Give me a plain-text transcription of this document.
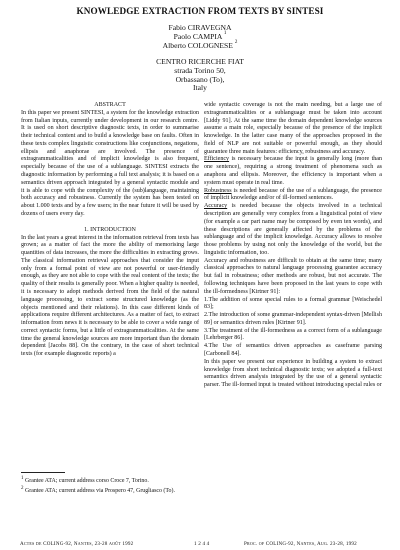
KNOWLEDGE EXTRACTION FROM TEXTS BY SINTESI
Fabio CIRAVEGNA
Paolo CAMPIA $^1$
Alberto COLOGNESE $^2$
CENTRO RICERCHE FIAT
strada Torino 50,
Orbassano (To),
Italy
ABSTRACT

In this paper we present SINTESI, a system for the knowledge extraction from Italian inputs, currently under development in our research centre. It is used on short descriptive diagnostic texts, in order to summarise their technical content and to build a knowledge base on faults. Often in these texts complex linguistic constructions like conjunctions, negations, ellipsis and anaphorae are involved. The presence of extragrammaticalities and of implicit knowledge is also frequent, especially because of the use of a sublanguage. SINTESI extracts the diagnostic information by performing a full text analysis; it is based on a semantics driven approach integrated by a general syntactic module and it is able to cope with the complexity of the (sub)language, maintaining both accuracy and robustness. Currently the system has been tested on about 1.000 texts and by a few users; in the near future it will be used by dozens of users every day.

1. INTRODUCTION

In the last years a great interest in the information retrieval from texts has grown; as a matter of fact the more the ability of memorising large quantities of data increases, the more the difficulties in extracting grows. The classical information retrieval approaches that consider the input only from a formal point of view are not powerful or user-friendly enough, as they are not able to cope with the real content of the texts; the quality of their results is generally poor. When a higher quality is needed, it is necessary to adopt methods derived from the field of the natural language processing, to extract some structured knowledge (as the objects mentioned and their relations). In this case different kinds of applications require different architectures. As a matter of fact, to extract information from news it is necessary to be able to cover a wide range of correct syntactic forms, but a little of extragrammaticalities. At the same time the general knowledge sources are more important than the domain dependent [Jacobs 88]. On the contrary, in the case of short technical texts (for example diagnostic reports) a

wide syntactic coverage is not the main needing, but a large use of extragrammaticalities or a sublanguage must be taken into account [Liddy 91]. At the same time the domain dependent knowledge sources assume a main role, especially because of the presence of the implicit knowledge. In the latter case many of the approaches proposed in the field of NLP are not suitable or powerful enough, as they should guarantee three main features: efficiency, robustness and accuracy.

Efficiency is necessary because the input is generally long (more than one sentence), requiring a strong treatment of phenomena such as anaphora and ellipsis. Moreover, the efficiency is important when a system must operate in real time.

Robustness is needed because of the use of a sublanguage, the presence of implicit knowledge and/or of ill-formed sentences.

Accuracy is needed because the objects involved in a technical description are generally very complex from a linguistical point of view (for example a car part name may be composed by even ten words), and these descriptions are generally affected by the problems of the sublanguage and of the implicit knowledge. Accuracy allows to resolve those problems by using not only the knowledge of the world, but the linguistic information, too.

Accuracy and robustness are difficult to obtain at the same time; many classical approaches to natural language processing guarantee accuracy but fail in robustness; other methods are robust, but not accurate. The following techniques have been proposed in the last years to cope with the ill-formedness [Kirtner 91]:

1.The addition of some special rules to a formal grammar [Weischedel 83];

2.The introduction of some grammar-independent syntax-driven [Mellish 89] or semantics driven rules [Kirtner 91].

3.The treatment of the ill-formedness as a correct form of a sublanguage [Lehrberger 86].

4.The Use of semantics driven approaches as caseframe parsing [Carbonell 84].

In this paper we present our experience in building a system to extract knowledge from short technical diagnostic texts; we adopted a full-text semantics driven analysis integrated by the use of a general syntactic parser. The ill-formed input is treated without introducing special rules or

$^1$ Grantee ATA; current address corso Croce 7, Torino.

$^2$ Grantee ATA; current address via Prospero 47, Grugliasco (To).

Actes de COLING-92, Nantes, 23-28 août 1992	1 2 4 4	Proc. of COLING-92, Nantes, Aug. 23-28, 1992
